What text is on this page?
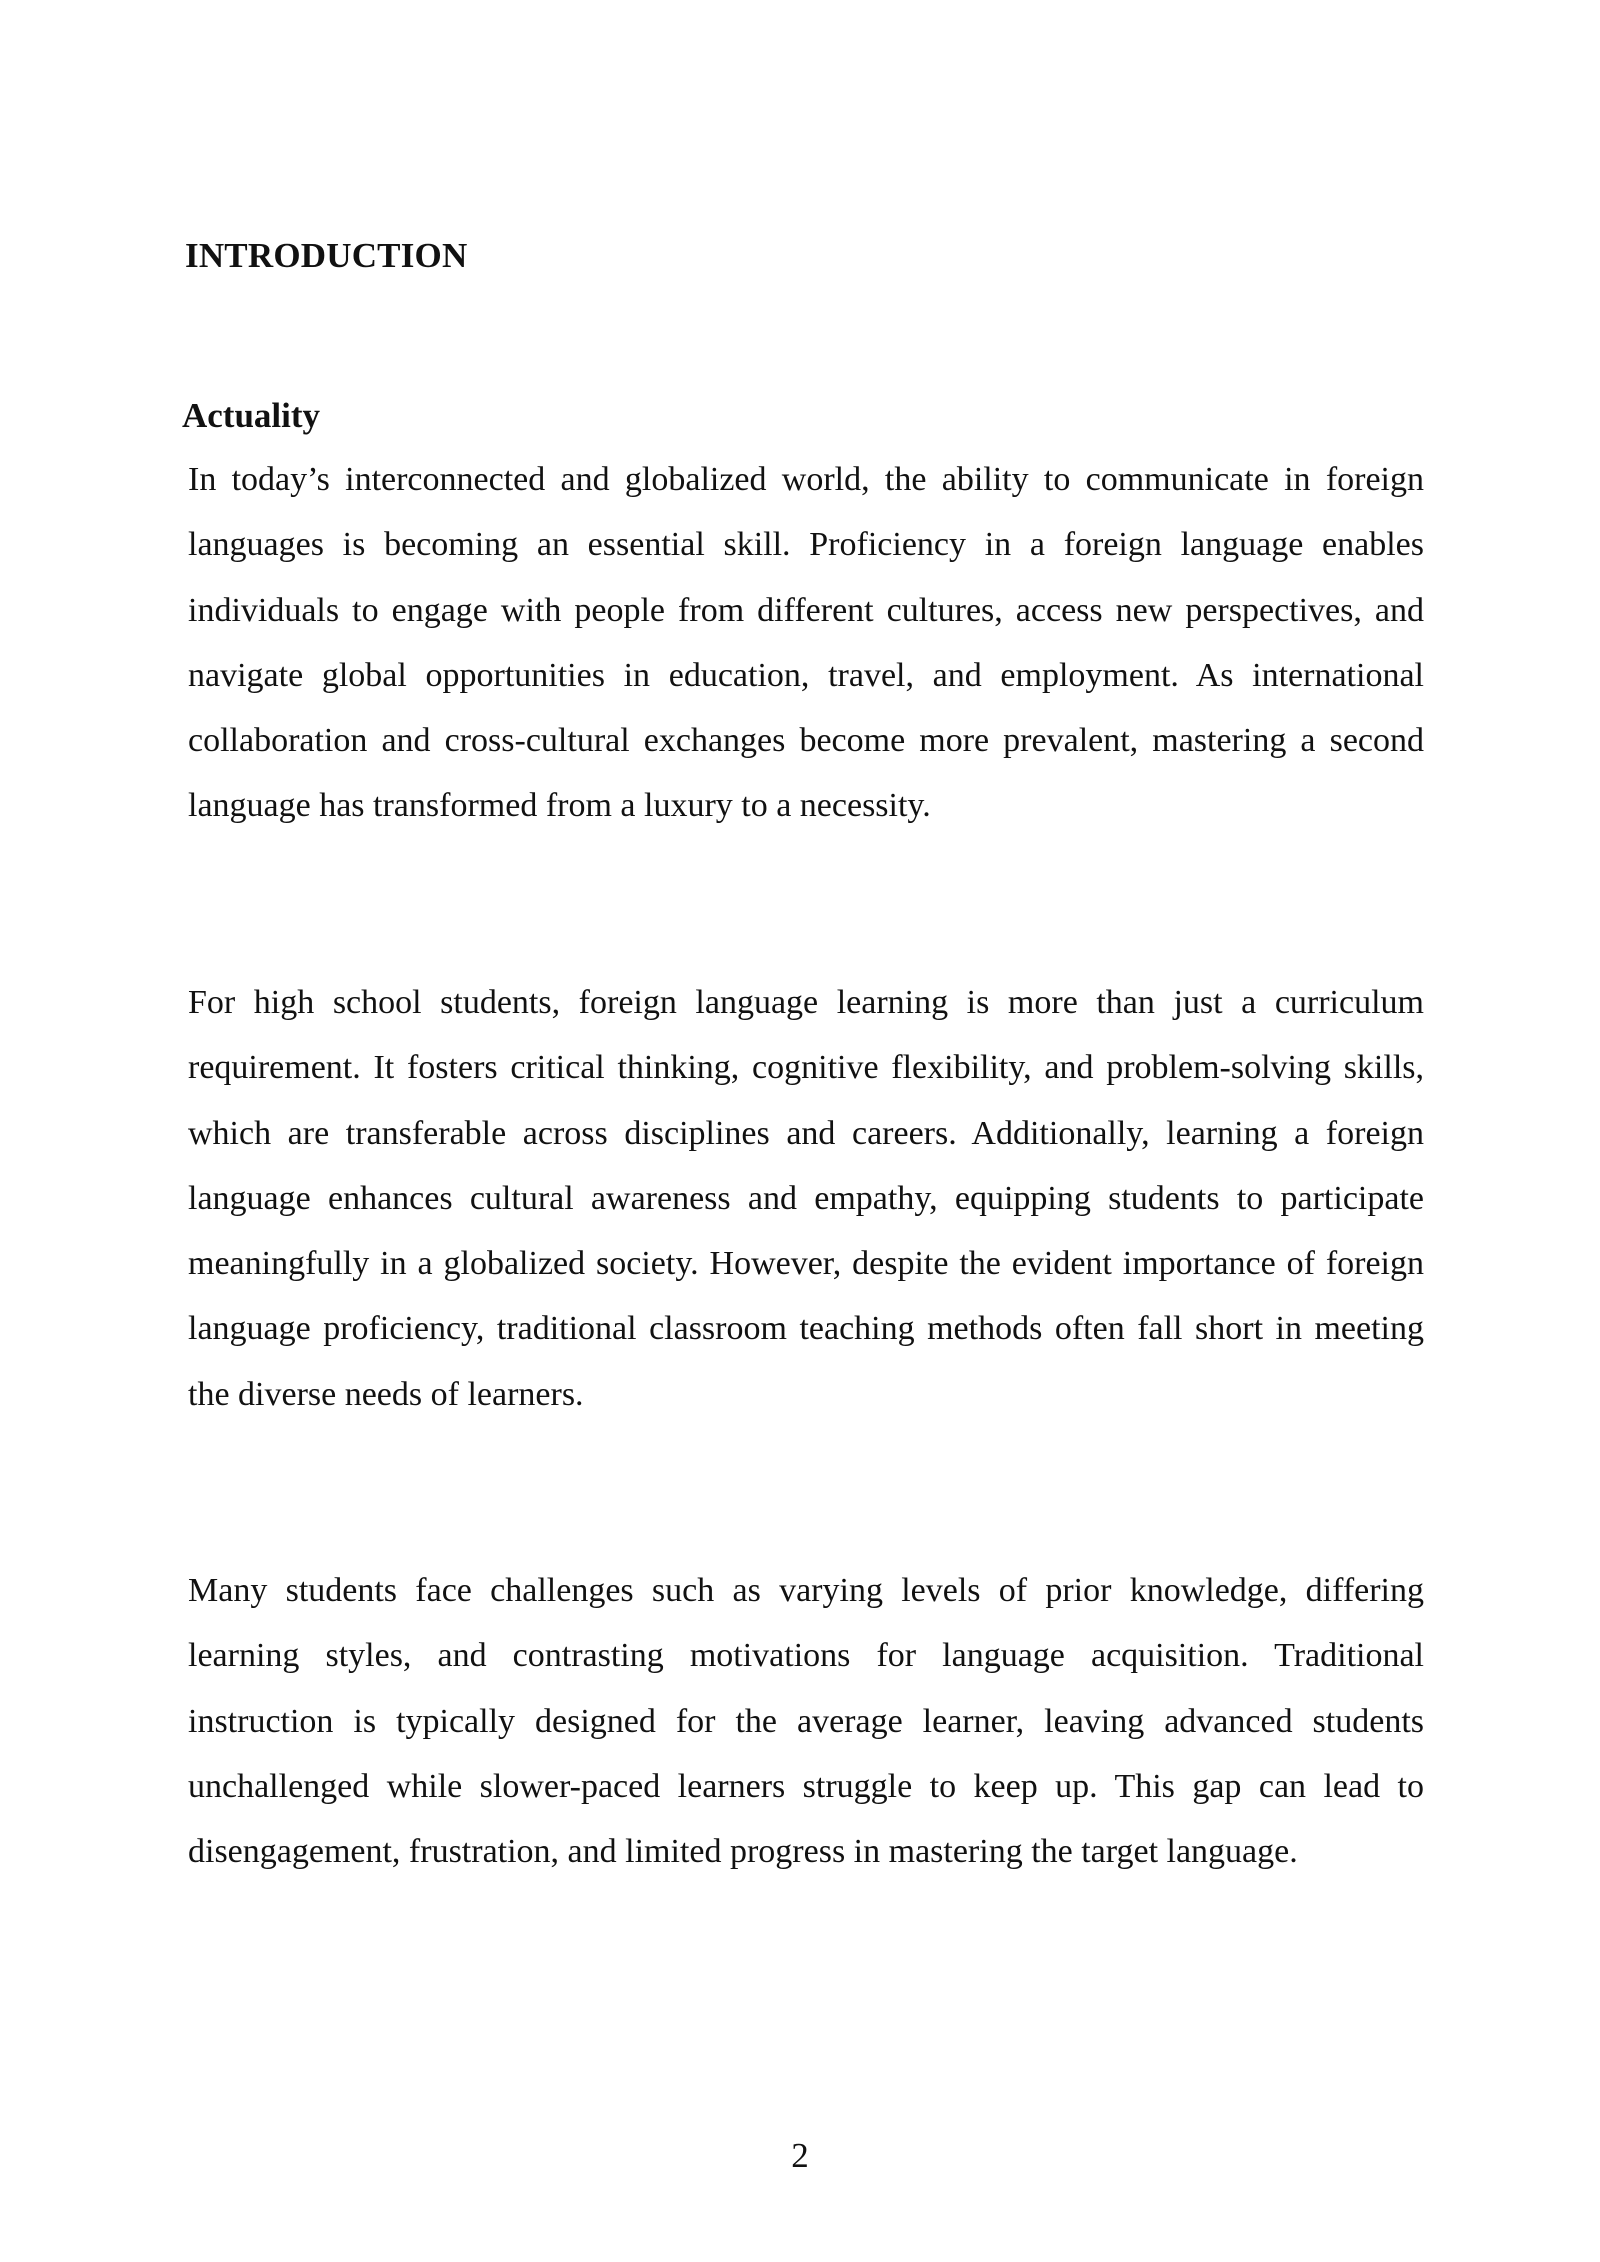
INTRODUCTION
Actuality

In today’s interconnected and globalized world, the ability to communicate in foreign languages is becoming an essential skill. Proficiency in a foreign language enables individuals to engage with people from different cultures, access new perspectives, and navigate global opportunities in education, travel, and employment. As international collaboration and cross-cultural exchanges become more prevalent, mastering a second language has transformed from a luxury to a necessity.

For high school students, foreign language learning is more than just a curriculum requirement. It fosters critical thinking, cognitive flexibility, and problem-solving skills, which are transferable across disciplines and careers. Additionally, learning a foreign language enhances cultural awareness and empathy, equipping students to participate meaningfully in a globalized society. However, despite the evident importance of foreign language proficiency, traditional classroom teaching methods often fall short in meeting the diverse needs of learners.

Many students face challenges such as varying levels of prior knowledge, differing learning styles, and contrasting motivations for language acquisition. Traditional instruction is typically designed for the average learner, leaving advanced students unchallenged while slower-paced learners struggle to keep up. This gap can lead to disengagement, frustration, and limited progress in mastering the target language.

2
